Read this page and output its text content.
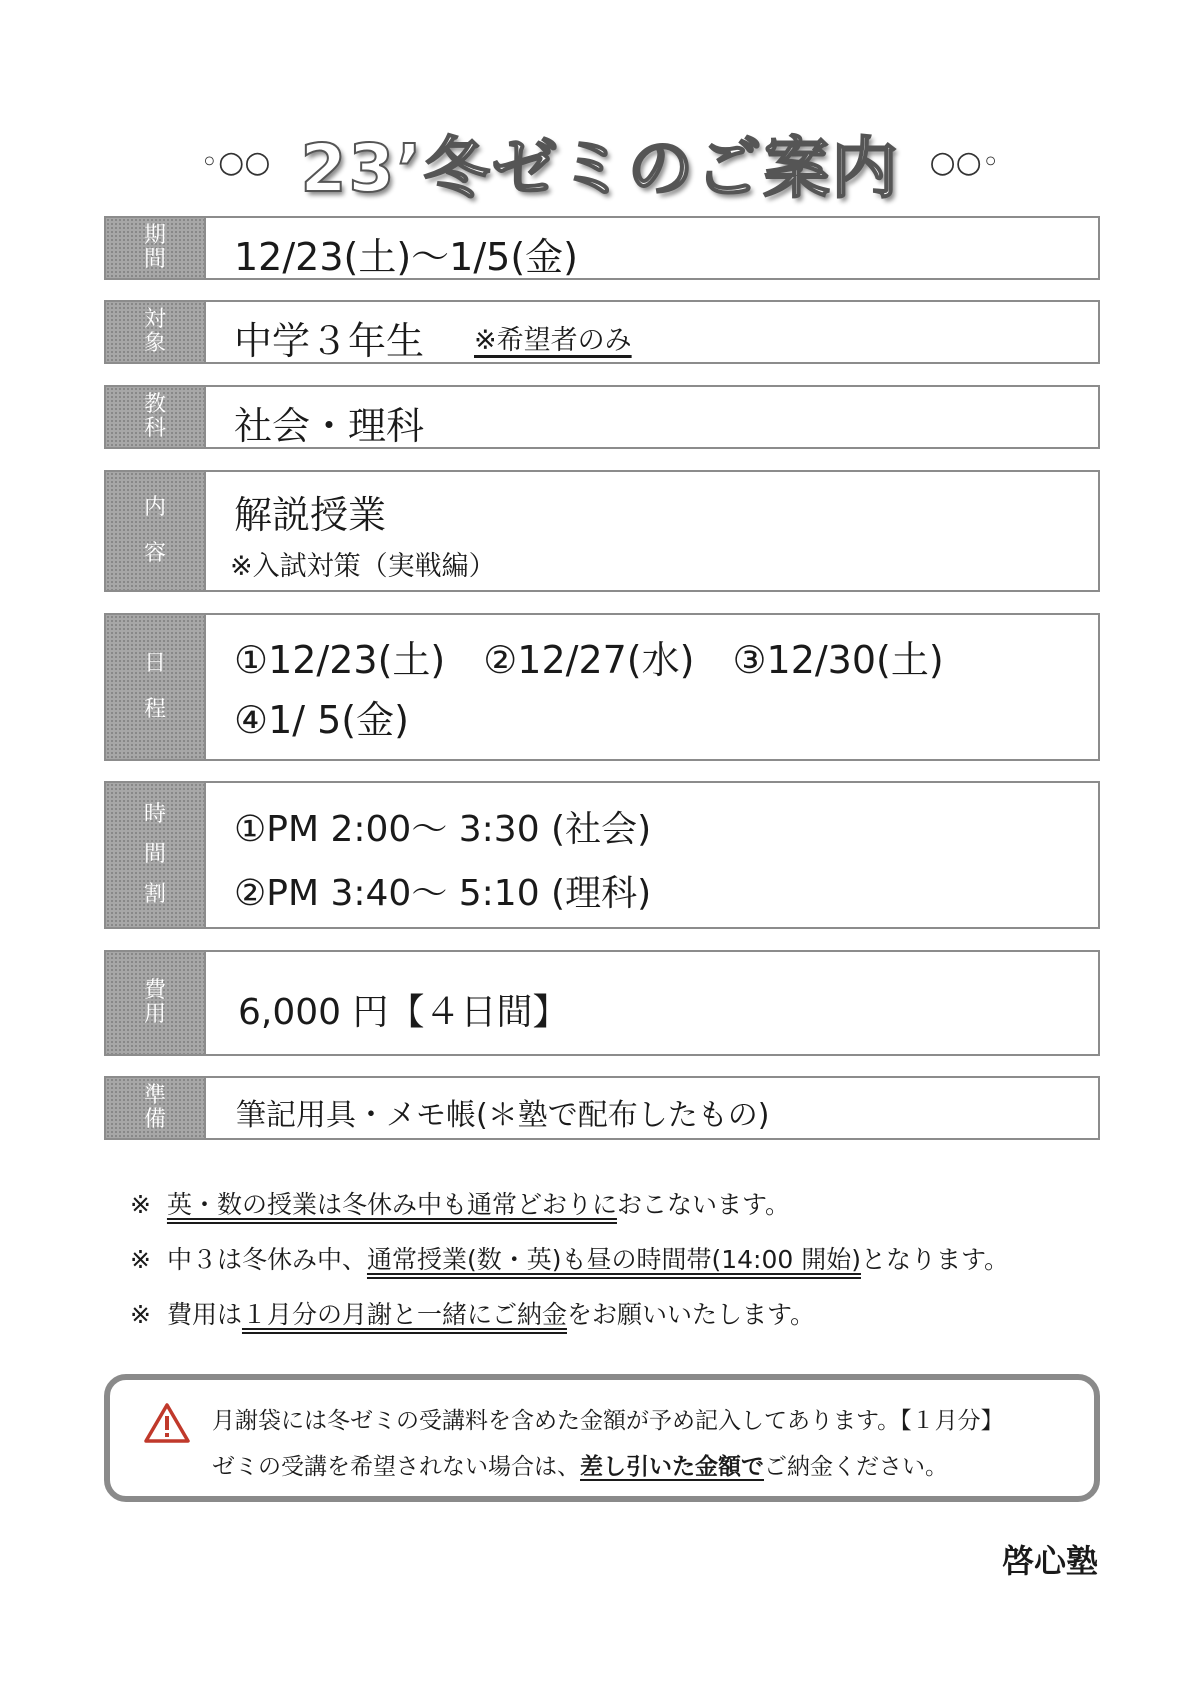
◦○○ 23’冬ゼミのご案内 ○○◦
期
間 12/23(土)～1/5(金)
対
象 中学３年生 ※希望者のみ
教
科 社会・理科
内
容
解説授業
※入試対策（実戦編）
日
程
①12/23(土)　②12/27(水)　③12/30(土)
④1/ 5(金)
時
間
割
①PM 2:00～ 3:30 (社会)
②PM 3:40～ 5:10 (理科)
費
用 6,000 円【４日間】
準
備 筆記用具・メモ帳(＊塾で配布したもの)
※ 英・数の授業は冬休み中も通常どおりにおこないます。
※ 中３は冬休み中、通常授業(数・英)も昼の時間帯(14:00 開始)となります。
※ 費用は１月分の月謝と一緒にご納金をお願いいたします。
月謝袋には冬ゼミの受講料を含めた金額が予め記入してあります。【１月分】
ゼミの受講を希望されない場合は、差し引いた金額でご納金ください。
啓心塾
